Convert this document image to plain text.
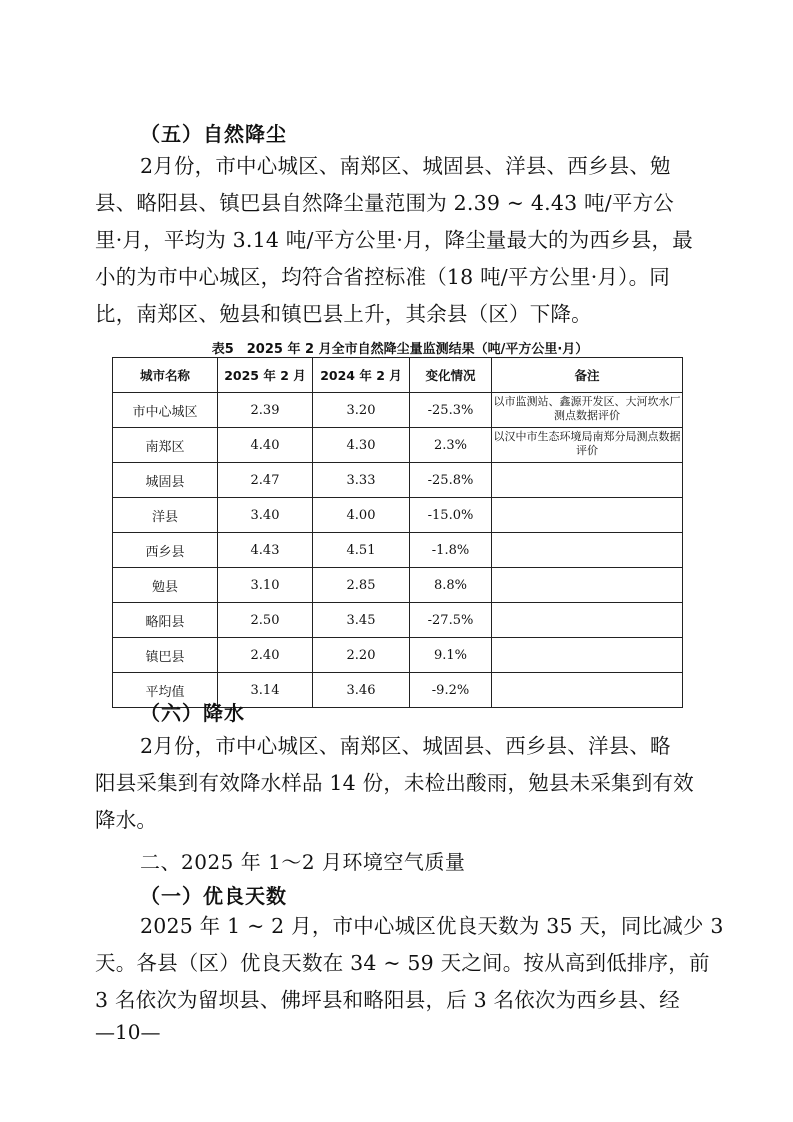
（五）自然降尘
2月份，市中心城区、南郑区、城固县、洋县、西乡县、勉
县、略阳县、镇巴县自然降尘量范围为 2.39 ~ 4.43 吨/平方公
里·月，平均为 3.14 吨/平方公里·月，降尘量最大的为西乡县，最
小的为市中心城区，均符合省控标准（18 吨/平方公里·月）。同
比，南郑区、勉县和镇巴县上升，其余县（区）下降。
表5　2025 年 2 月全市自然降尘量监测结果（吨/平方公里·月）
城市名称	2025 年 2 月	2024 年 2 月	变化情况	备注
市中心城区	2.39	3.20	-25.3%	以市监测站、鑫源开发区、大河坎水厂测点数据评价
南郑区	4.40	4.30	2.3%	以汉中市生态环境局南郑分局测点数据评价
城固县	2.47	3.33	-25.8%	
洋县	3.40	4.00	-15.0%	
西乡县	4.43	4.51	-1.8%	
勉县	3.10	2.85	8.8%	
略阳县	2.50	3.45	-27.5%	
镇巴县	2.40	2.20	9.1%	
平均值	3.14	3.46	-9.2%	
（六）降水
2月份，市中心城区、南郑区、城固县、西乡县、洋县、略
阳县采集到有效降水样品 14 份，未检出酸雨，勉县未采集到有效
降水。
二、2025 年 1～2 月环境空气质量
（一）优良天数
2025 年 1 ~ 2 月，市中心城区优良天数为 35 天，同比减少 3
天。各县（区）优良天数在 34 ~ 59 天之间。按从高到低排序，前
3 名依次为留坝县、佛坪县和略阳县，后 3 名依次为西乡县、经
—10—
